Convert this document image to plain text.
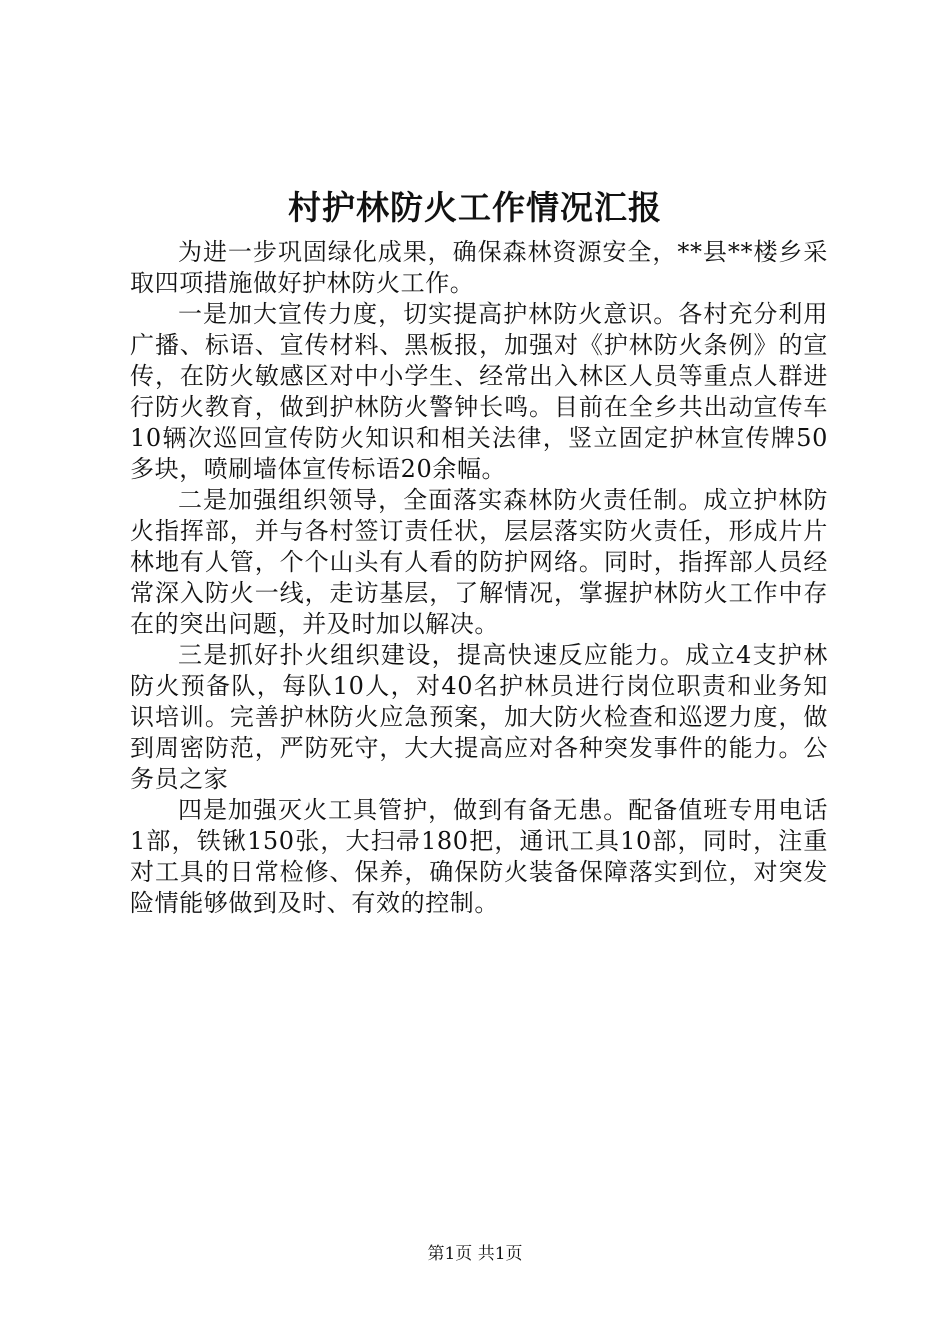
村护林防火工作情况汇报

为进一步巩固绿化成果，确保森林资源安全，**县**楼乡采取四项措施做好护林防火工作。

一是加大宣传力度，切实提高护林防火意识。各村充分利用广播、标语、宣传材料、黑板报，加强对《护林防火条例》的宣传，在防火敏感区对中小学生、经常出入林区人员等重点人群进行防火教育，做到护林防火警钟长鸣。目前在全乡共出动宣传车10辆次巡回宣传防火知识和相关法律，竖立固定护林宣传牌50多块，喷刷墙体宣传标语20余幅。

二是加强组织领导，全面落实森林防火责任制。成立护林防火指挥部，并与各村签订责任状，层层落实防火责任，形成片片林地有人管，个个山头有人看的防护网络。同时，指挥部人员经常深入防火一线，走访基层，了解情况，掌握护林防火工作中存在的突出问题，并及时加以解决。

三是抓好扑火组织建设，提高快速反应能力。成立4支护林防火预备队，每队10人，对40名护林员进行岗位职责和业务知识培训。完善护林防火应急预案，加大防火检查和巡逻力度，做到周密防范，严防死守，大大提高应对各种突发事件的能力。公务员之家

四是加强灭火工具管护，做到有备无患。配备值班专用电话1部，铁锹150张，大扫帚180把，通讯工具10部，同时，注重对工具的日常检修、保养，确保防火装备保障落实到位，对突发险情能够做到及时、有效的控制。

第1页 共1页
